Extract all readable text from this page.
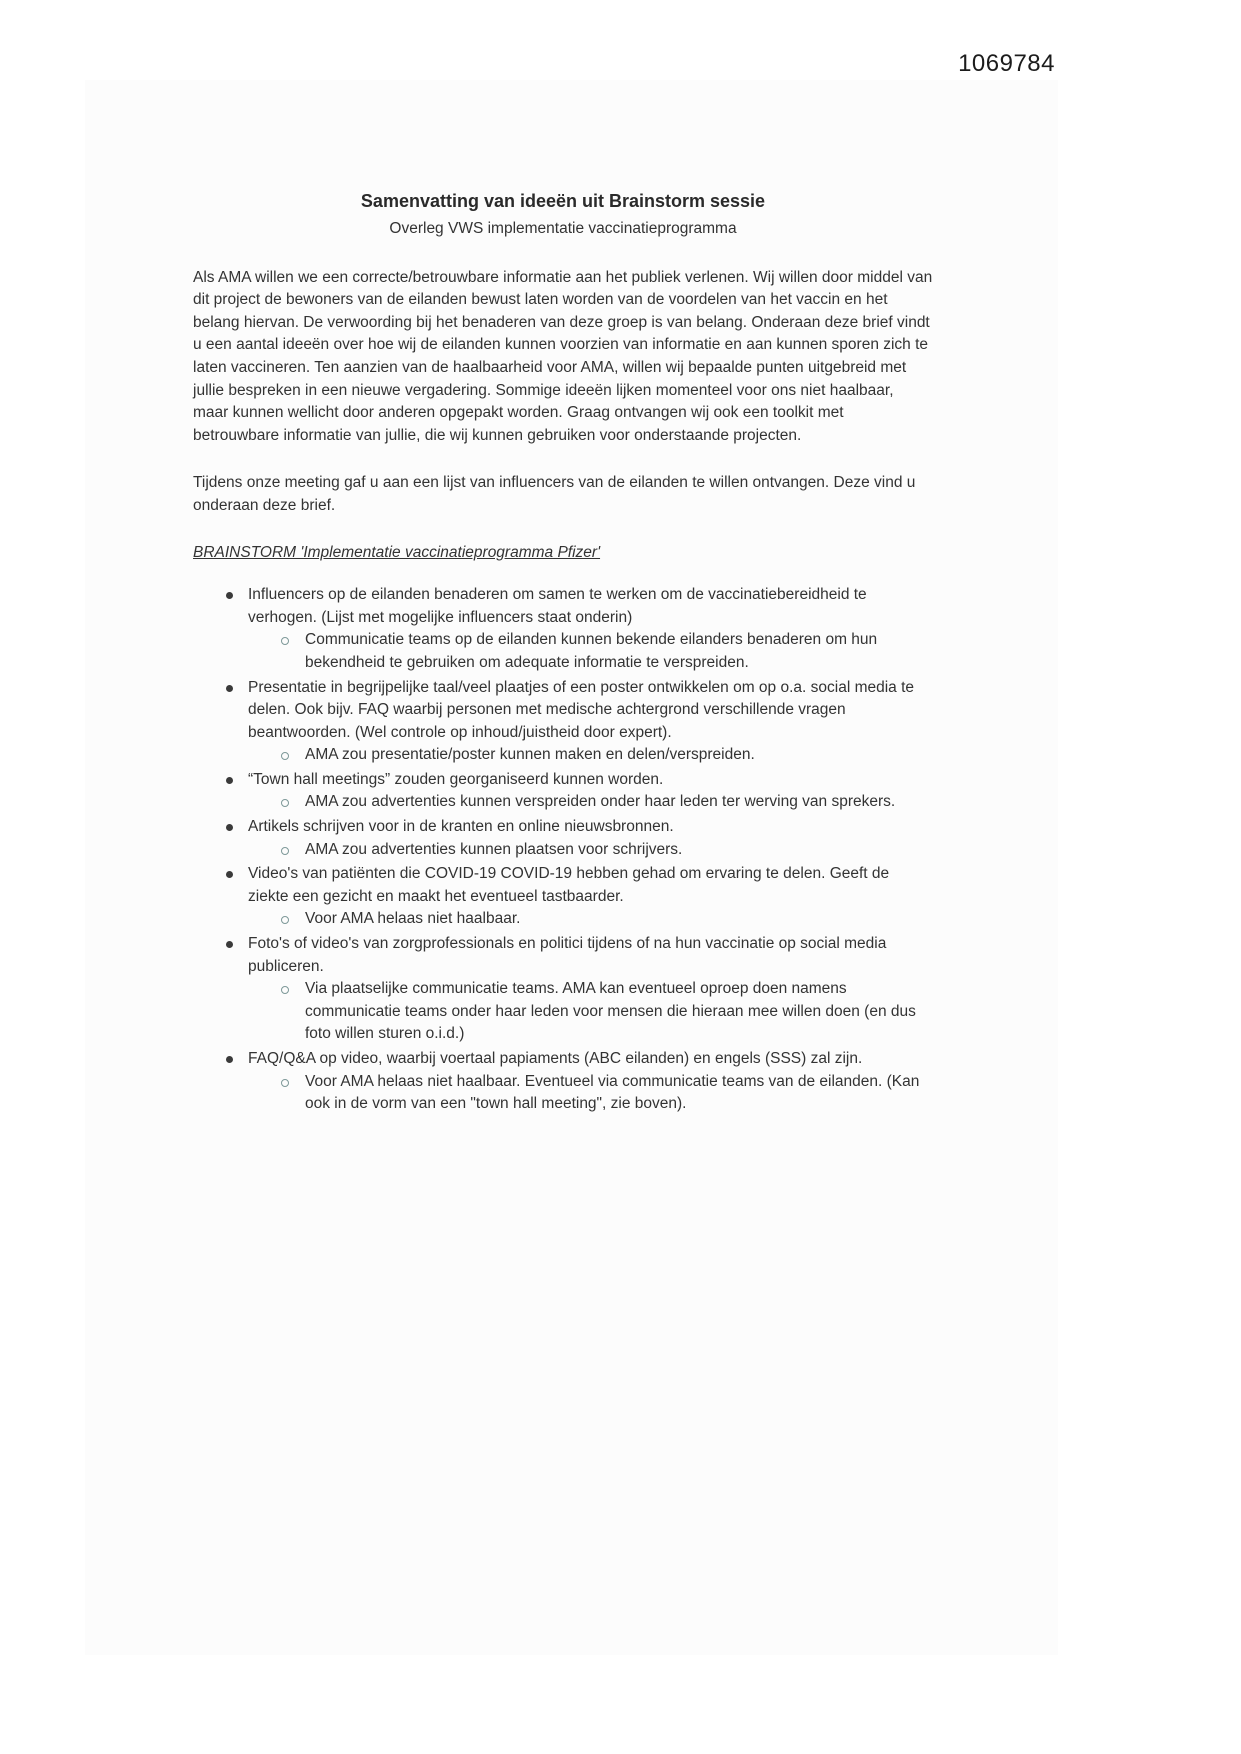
1069784
Samenvatting van ideeën uit Brainstorm sessie
Overleg VWS implementatie vaccinatieprogramma

Als AMA willen we een correcte/betrouwbare informatie aan het publiek verlenen. Wij willen door middel van dit project de bewoners van de eilanden bewust laten worden van de voordelen van het vaccin en het belang hiervan. De verwoording bij het benaderen van deze groep is van belang. Onderaan deze brief vindt u een aantal ideeën over hoe wij de eilanden kunnen voorzien van informatie en aan kunnen sporen zich te laten vaccineren. Ten aanzien van de haalbaarheid voor AMA, willen wij bepaalde punten uitgebreid met jullie bespreken in een nieuwe vergadering. Sommige ideeën lijken momenteel voor ons niet haalbaar, maar kunnen wellicht door anderen opgepakt worden. Graag ontvangen wij ook een toolkit met betrouwbare informatie van jullie, die wij kunnen gebruiken voor onderstaande projecten.

Tijdens onze meeting gaf u aan een lijst van influencers van de eilanden te willen ontvangen. Deze vind u onderaan deze brief.

BRAINSTORM 'Implementatie vaccinatieprogramma Pfizer'
Influencers op de eilanden benaderen om samen te werken om de vaccinatiebereidheid te verhogen. (Lijst met mogelijke influencers staat onderin)
Communicatie teams op de eilanden kunnen bekende eilanders benaderen om hun bekendheid te gebruiken om adequate informatie te verspreiden.
Presentatie in begrijpelijke taal/veel plaatjes of een poster ontwikkelen om op o.a. social media te delen. Ook bijv. FAQ waarbij personen met medische achtergrond verschillende vragen beantwoorden. (Wel controle op inhoud/juistheid door expert).
AMA zou presentatie/poster kunnen maken en delen/verspreiden.
“Town hall meetings” zouden georganiseerd kunnen worden.
AMA zou advertenties kunnen verspreiden onder haar leden ter werving van sprekers.
Artikels schrijven voor in de kranten en online nieuwsbronnen.
AMA zou advertenties kunnen plaatsen voor schrijvers.
Video's van patiënten die COVID-19 COVID-19 hebben gehad om ervaring te delen. Geeft de ziekte een gezicht en maakt het eventueel tastbaarder.
Voor AMA helaas niet haalbaar.
Foto's of video's van zorgprofessionals en politici tijdens of na hun vaccinatie op social media publiceren.
Via plaatselijke communicatie teams. AMA kan eventueel oproep doen namens communicatie teams onder haar leden voor mensen die hieraan mee willen doen (en dus foto willen sturen o.i.d.)
FAQ/Q&A op video, waarbij voertaal papiaments (ABC eilanden) en engels (SSS) zal zijn.
Voor AMA helaas niet haalbaar. Eventueel via communicatie teams van de eilanden. (Kan ook in de vorm van een "town hall meeting", zie boven).
